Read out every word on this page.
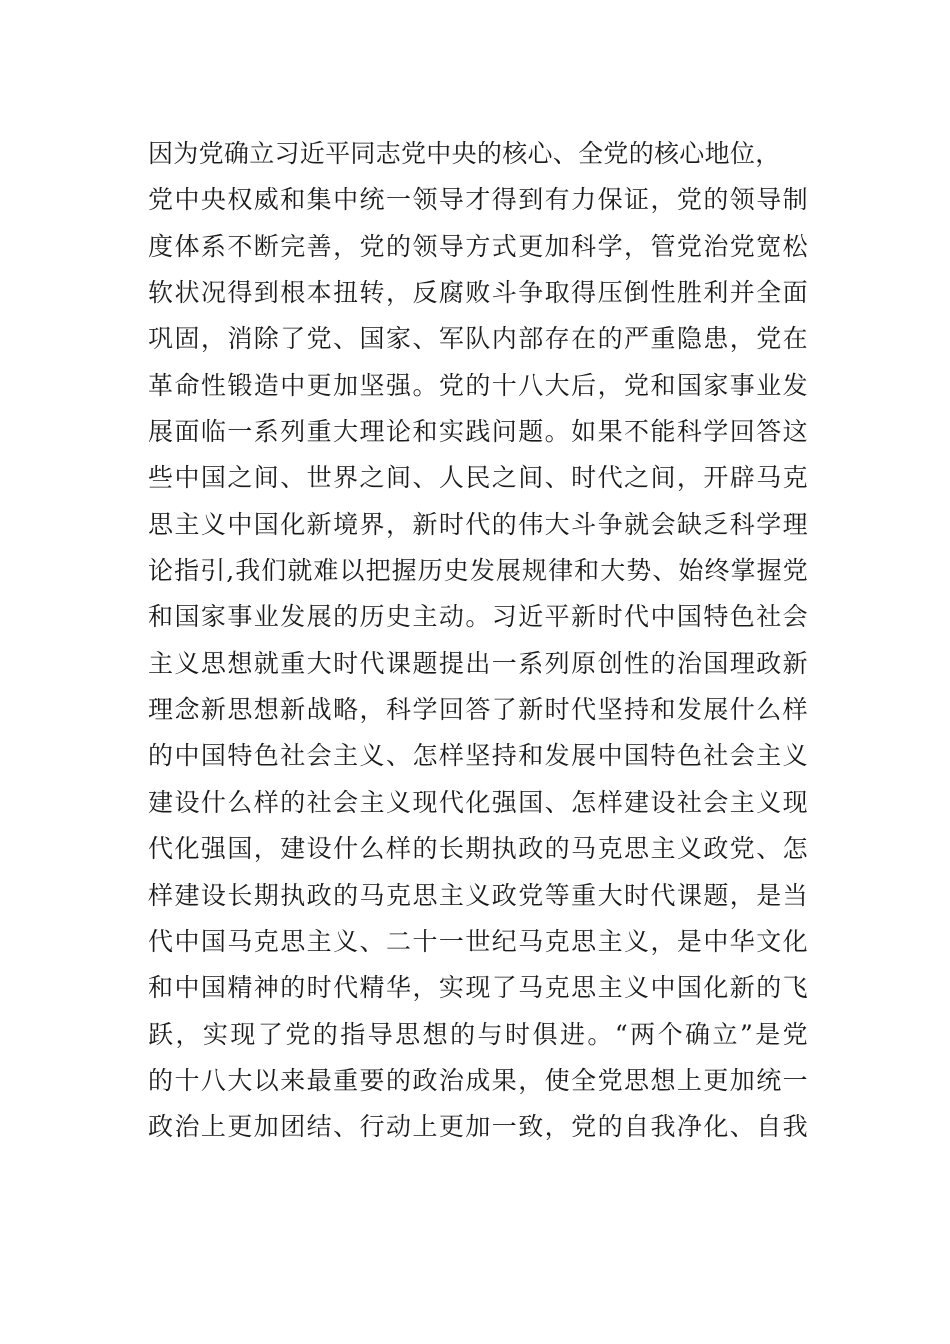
因为党确立习近平同志党中央的核心、全党的核心地位，
党中央权威和集中统一领导才得到有力保证，党的领导制
度体系不断完善，党的领导方式更加科学，管党治党宽松
软状况得到根本扭转，反腐败斗争取得压倒性胜利并全面
巩固，消除了党、国家、军队内部存在的严重隐患，党在
革命性锻造中更加坚强。党的十八大后，党和国家事业发
展面临一系列重大理论和实践问题。如果不能科学回答这
些中国之间、世界之间、人民之间、时代之间，开辟马克
思主义中国化新境界，新时代的伟大斗争就会缺乏科学理
论指引,我们就难以把握历史发展规律和大势、始终掌握党
和国家事业发展的历史主动。习近平新时代中国特色社会
主义思想就重大时代课题提出一系列原创性的治国理政新
理念新思想新战略，科学回答了新时代坚持和发展什么样
的中国特色社会主义、怎样坚持和发展中国特色社会主义
建设什么样的社会主义现代化强国、怎样建设社会主义现
代化强国，建设什么样的长期执政的马克思主义政党、怎
样建设长期执政的马克思主义政党等重大时代课题，是当
代中国马克思主义、二十一世纪马克思主义，是中华文化
和中国精神的时代精华，实现了马克思主义中国化新的飞
跃，实现了党的指导思想的与时俱进。“两个确立”是党
的十八大以来最重要的政治成果，使全党思想上更加统一
政治上更加团结、行动上更加一致，党的自我净化、自我
